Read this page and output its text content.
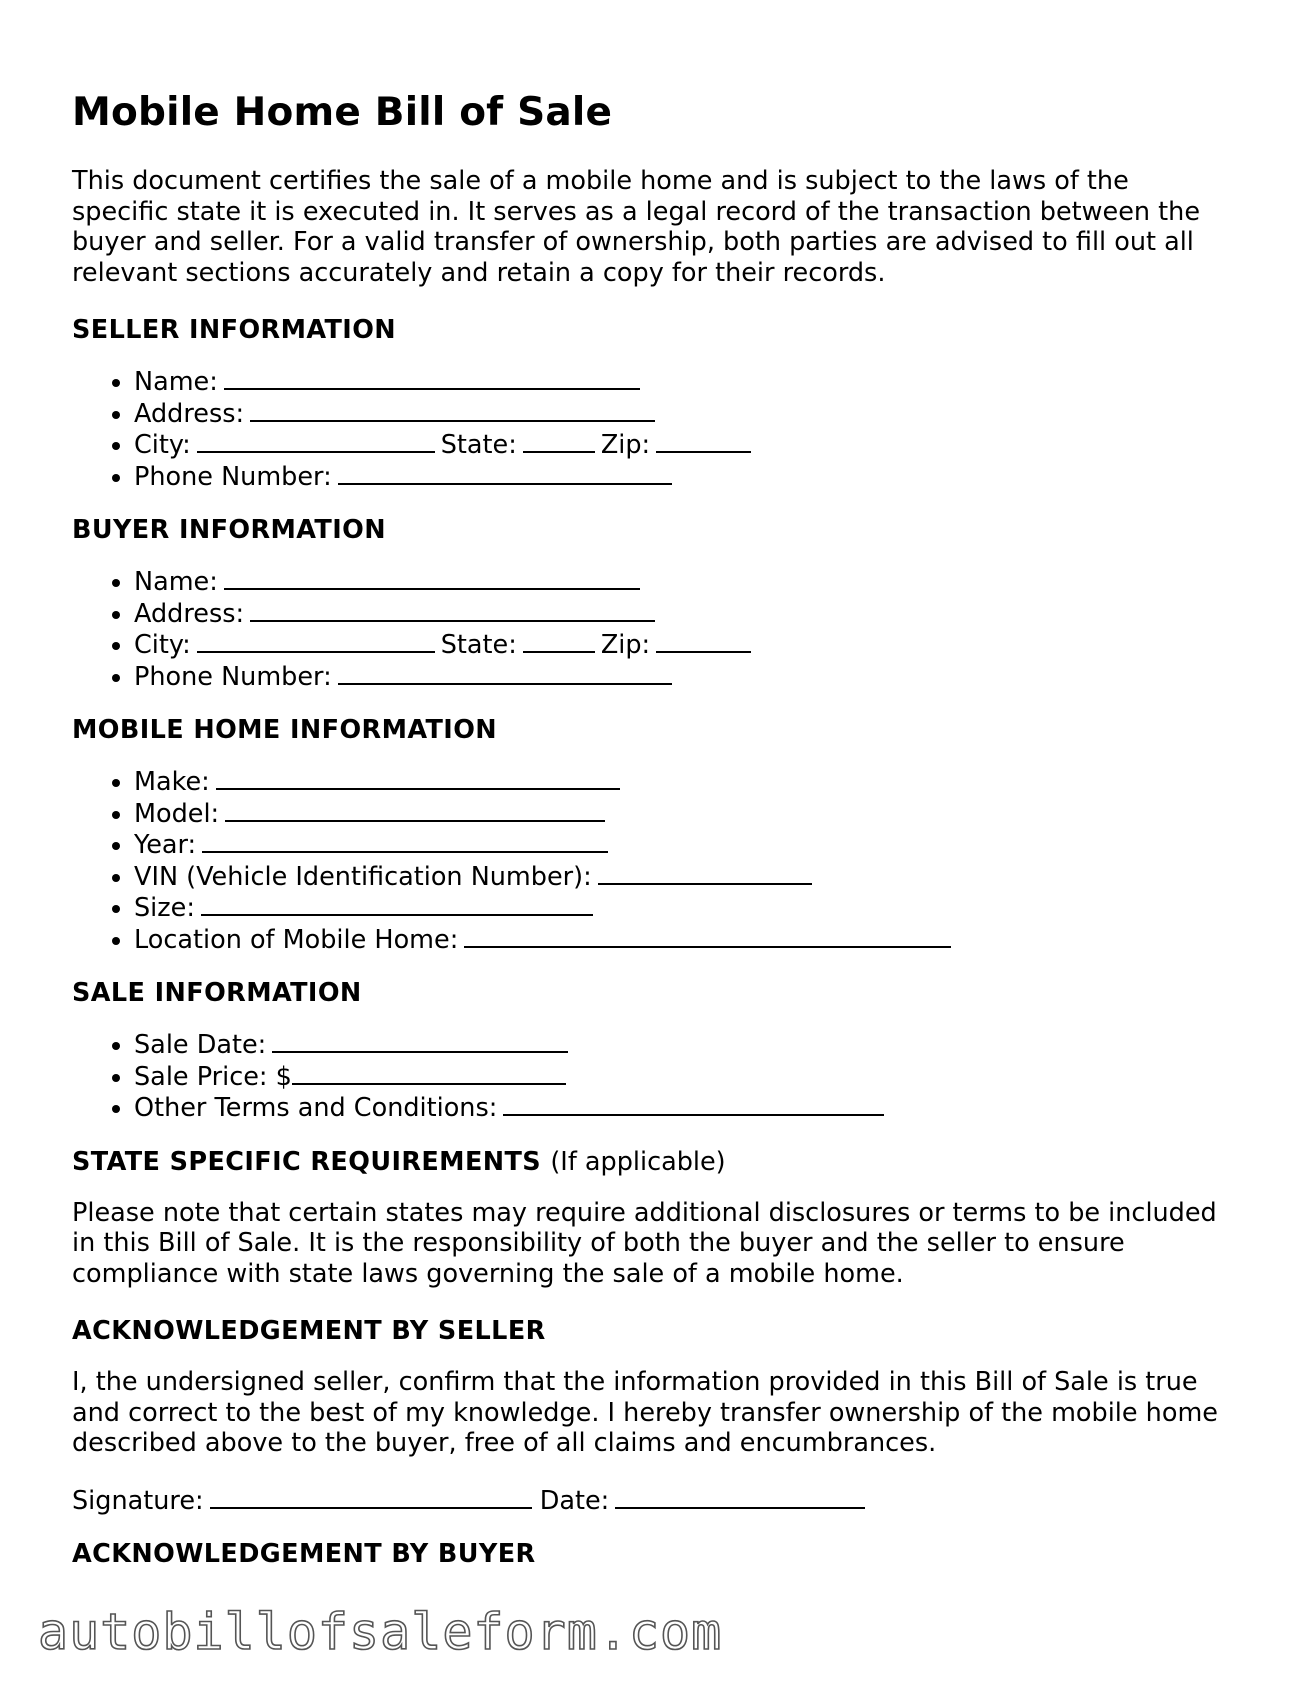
Mobile Home Bill of Sale

This document certifies the sale of a mobile home and is subject to the laws of the specific state it is executed in. It serves as a legal record of the transaction between the buyer and seller. For a valid transfer of ownership, both parties are advised to fill out all relevant sections accurately and retain a copy for their records.

SELLER INFORMATION
• Name:
• Address:
• City:	State:	Zip:
• Phone Number:
BUYER INFORMATION
• Name:
• Address:
• City:	State:	Zip:
• Phone Number:
MOBILE HOME INFORMATION
• Make:
• Model:
• Year:
• VIN (Vehicle Identification Number):
• Size:
• Location of Mobile Home:
SALE INFORMATION
• Sale Date:
• Sale Price: $
• Other Terms and Conditions:
STATE SPECIFIC REQUIREMENTS (If applicable)

Please note that certain states may require additional disclosures or terms to be included in this Bill of Sale. It is the responsibility of both the buyer and the seller to ensure compliance with state laws governing the sale of a mobile home.

ACKNOWLEDGEMENT BY SELLER

I, the undersigned seller, confirm that the information provided in this Bill of Sale is true and correct to the best of my knowledge. I hereby transfer ownership of the mobile home described above to the buyer, free of all claims and encumbrances.

Signature:	Date:
ACKNOWLEDGEMENT BY BUYER
autobillofsaleform.com
